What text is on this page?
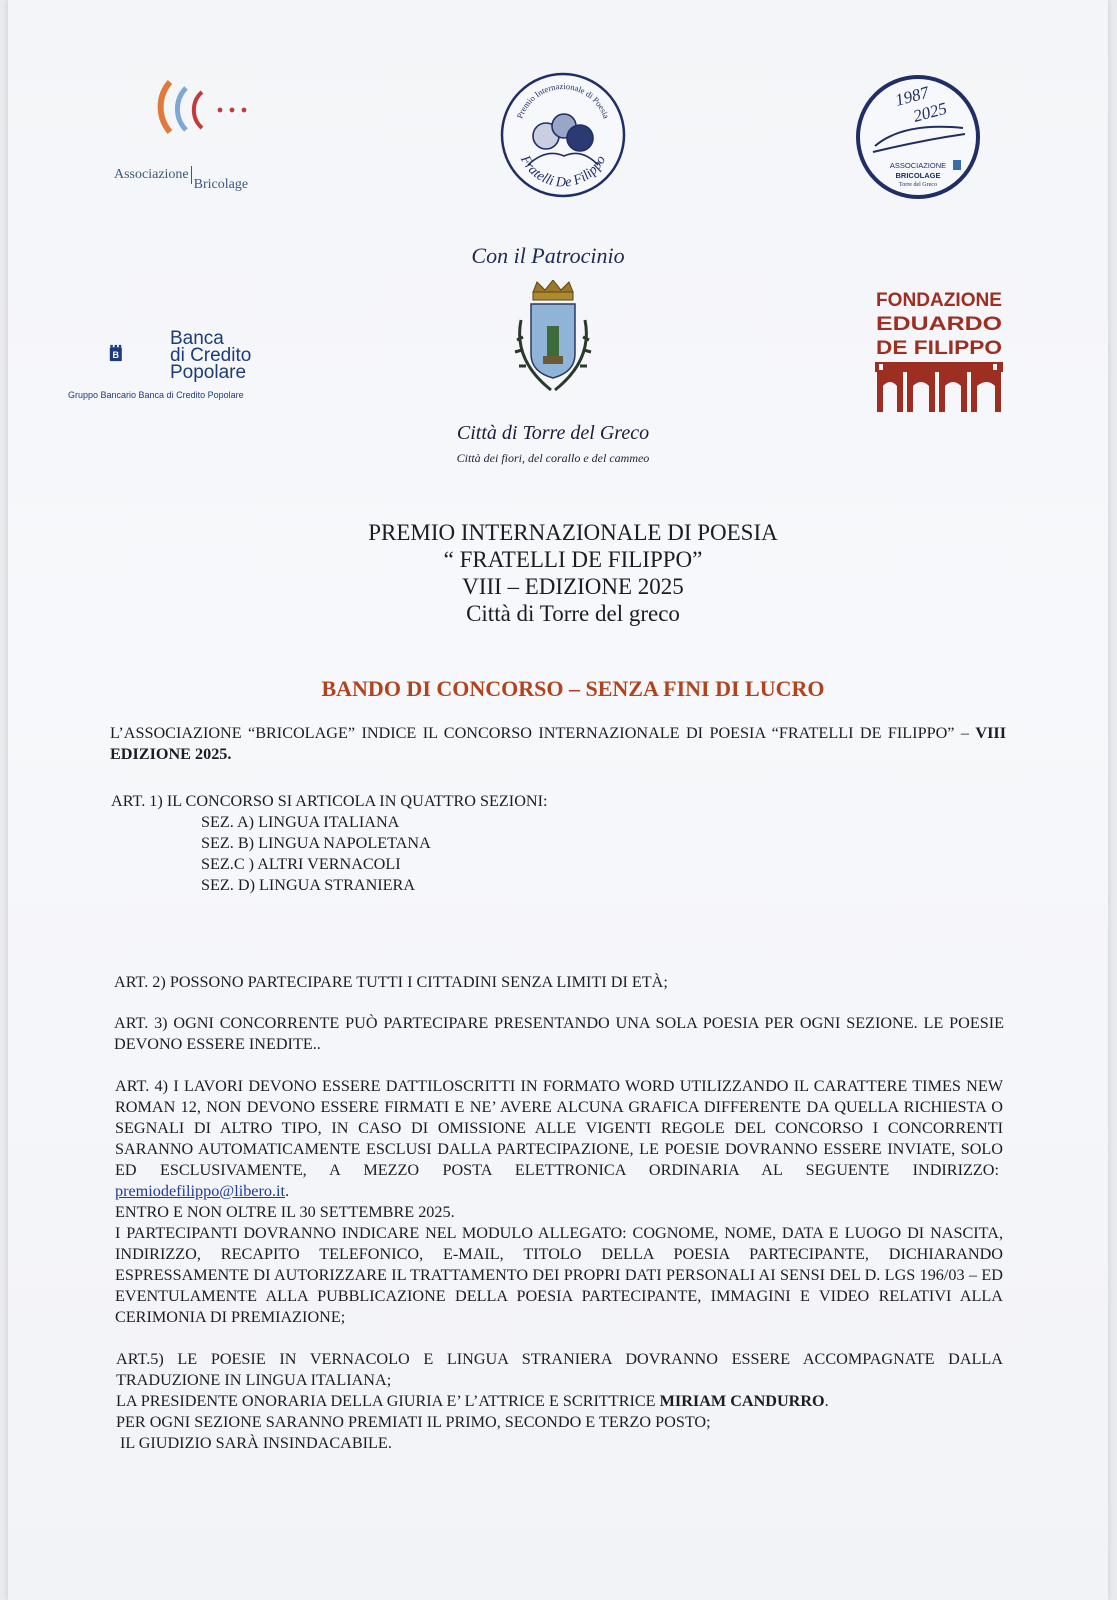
AssociazioneBricolage
Premio Internazionale di Poesia
Fratelli De Filippo
1987
2025
ASSOCIAZIONE
BRICOLAGE
Torre del Greco
Con il Patrocinio
B
Banca
di Credito
Popolare
Gruppo Bancario Banca di Credito Popolare
FONDAZIONE
EDUARDO
DE FILIPPO
Città di Torre del Greco
Città dei fiori, del corallo e del cammeo
PREMIO INTERNAZIONALE DI POESIA
“ FRATELLI DE FILIPPO”
VIII – EDIZIONE 2025
Città di Torre del greco
BANDO DI CONCORSO – SENZA FINI DI LUCRO
L’ASSOCIAZIONE “BRICOLAGE” INDICE IL CONCORSO INTERNAZIONALE DI POESIA “FRATELLI DE FILIPPO” – VIII EDIZIONE 2025.
ART. 1) IL CONCORSO SI ARTICOLA IN QUATTRO SEZIONI:
SEZ. A) LINGUA ITALIANA
SEZ. B) LINGUA NAPOLETANA
SEZ.C ) ALTRI VERNACOLI
SEZ. D) LINGUA STRANIERA
ART. 2) POSSONO PARTECIPARE TUTTI I CITTADINI SENZA LIMITI DI ETÀ;
ART. 3) OGNI CONCORRENTE PUÒ PARTECIPARE PRESENTANDO UNA SOLA POESIA PER OGNI SEZIONE. LE POESIE DEVONO ESSERE INEDITE..
ART. 4) I LAVORI DEVONO ESSERE DATTILOSCRITTI IN FORMATO WORD UTILIZZANDO IL CARATTERE TIMES NEW ROMAN 12, NON DEVONO ESSERE FIRMATI E NE’ AVERE ALCUNA GRAFICA DIFFERENTE DA QUELLA RICHIESTA O SEGNALI DI ALTRO TIPO, IN CASO DI OMISSIONE ALLE VIGENTI REGOLE DEL CONCORSO I CONCORRENTI SARANNO AUTOMATICAMENTE ESCLUSI DALLA PARTECIPAZIONE, LE POESIE DOVRANNO ESSERE INVIATE, SOLO ED ESCLUSIVAMENTE, A MEZZO POSTA ELETTRONICA ORDINARIA AL SEGUENTE INDIRIZZO:  premiodefilippo@libero.it.
ENTRO E NON OLTRE IL 30 SETTEMBRE 2025.
I PARTECIPANTI DOVRANNO INDICARE NEL MODULO ALLEGATO: COGNOME, NOME, DATA E LUOGO DI NASCITA, INDIRIZZO, RECAPITO TELEFONICO, E-MAIL, TITOLO DELLA POESIA PARTECIPANTE, DICHIARANDO ESPRESSAMENTE DI AUTORIZZARE IL TRATTAMENTO DEI PROPRI DATI PERSONALI AI SENSI DEL D. LGS 196/03 – ED EVENTULAMENTE ALLA PUBBLICAZIONE DELLA POESIA PARTECIPANTE, IMMAGINI E VIDEO RELATIVI ALLA CERIMONIA DI PREMIAZIONE;
ART.5) LE POESIE IN VERNACOLO E LINGUA STRANIERA DOVRANNO ESSERE ACCOMPAGNATE DALLA TRADUZIONE IN LINGUA ITALIANA;
LA PRESIDENTE ONORARIA DELLA GIURIA E’ L’ATTRICE E SCRITTRICE MIRIAM CANDURRO.
PER OGNI SEZIONE SARANNO PREMIATI IL PRIMO, SECONDO E TERZO POSTO;
IL GIUDIZIO SARÀ INSINDACABILE.
